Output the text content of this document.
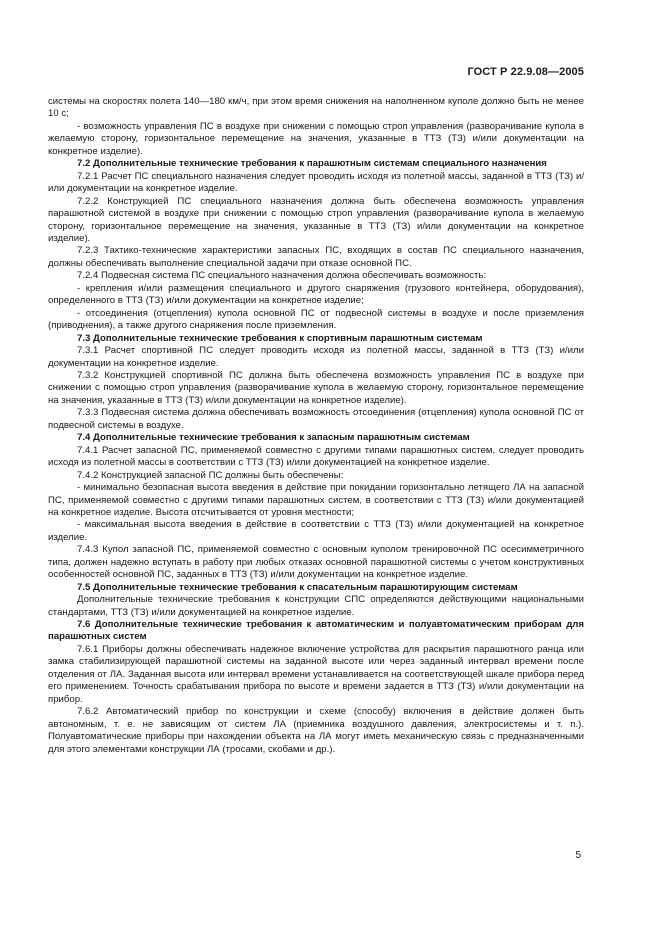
ГОСТ Р 22.9.08—2005

системы на скоростях полета 140—180 км/ч, при этом время снижения на наполненном куполе должно быть не менее 10 с;

- возможность управления ПС в воздухе при снижении с помощью строп управления (разворачивание купола в желаемую сторону, горизонтальное перемещение на значения, указанные в ТТЗ (ТЗ) и/или документации на конкретное изделие).

7.2 Дополнительные технические требования к парашютным системам специального назначения

7.2.1 Расчет ПС специального назначения следует проводить исходя из полетной массы, заданной в ТТЗ (ТЗ) и/или документации на конкретное изделие.

7.2.2 Конструкцией ПС специального назначения должна быть обеспечена возможность управления парашютной системой в воздухе при снижении с помощью строп управления (разворачивание купола в желаемую сторону, горизонтальное перемещение на значения, указанные в ТТЗ (ТЗ) и/или документации на конкретное изделие).

7.2.3 Тактико-технические характеристики запасных ПС, входящих в состав ПС специального назначения, должны обеспечивать выполнение специальной задачи при отказе основной ПС.

7.2.4 Подвесная система ПС специального назначения должна обеспечивать возможность:

- крепления и/или размещения специального и другого снаряжения (грузового контейнера, оборудования), определенного в ТТЗ (ТЗ) и/или документации на конкретное изделие;

- отсоединения (отцепления) купола основной ПС от подвесной системы в воздухе и после приземления (приводнения), а также другого снаряжения после приземления.

7.3 Дополнительные технические требования к спортивным парашютным системам

7.3.1 Расчет спортивной ПС следует проводить исходя из полетной массы, заданной в ТТЗ (ТЗ) и/или документации на конкретное изделие.

7.3.2 Конструкцией спортивной ПС должна быть обеспечена возможность управления ПС в воздухе при снижении с помощью строп управления (разворачивание купола в желаемую сторону, горизонтальное перемещение на значения, указанные в ТТЗ (ТЗ) и/или документации на конкретное изделие).

7.3.3 Подвесная система должна обеспечивать возможность отсоединения (отцепления) купола основной ПС от подвесной системы в воздухе.

7.4 Дополнительные технические требования к запасным парашютным системам

7.4.1 Расчет запасной ПС, применяемой совместно с другими типами парашютных систем, следует проводить исходя из полетной массы в соответствии с ТТЗ (ТЗ) и/или документацией на конкретное изделие.

7.4.2 Конструкцией запасной ПС должны быть обеспечены:

- минимально безопасная высота введения в действие при покидании горизонтально летящего ЛА на запасной ПС, применяемой совместно с другими типами парашютных систем, в соответствии с ТТЗ (ТЗ) и/или документацией на конкретное изделие. Высота отсчитывается от уровня местности;

- максимальная высота введения в действие в соответствии с ТТЗ (ТЗ) и/или документацией на конкретное изделие.

7.4.3 Купол запасной ПС, применяемой совместно с основным куполом тренировочной ПС осесимметричного типа, должен надежно вступать в работу при любых отказах основной парашютной системы с учетом конструктивных особенностей основной ПС, заданных в ТТЗ (ТЗ) и/или документации на конкретное изделие.

7.5 Дополнительные технические требования к спасательным парашютирующим системам

Дополнительные технические требования к конструкции СПС определяются действующими национальными стандартами, ТТЗ (ТЗ) и/или документацией на конкретное изделие.

7.6 Дополнительные технические требования к автоматическим и полуавтоматическим приборам для парашютных систем

7.6.1 Приборы должны обеспечивать надежное включение устройства для раскрытия парашютного ранца или замка стабилизирующей парашютной системы на заданной высоте или через заданный интервал времени после отделения от ЛА. Заданная высота или интервал времени устанавливается на соответствующей шкале прибора перед его применением. Точность срабатывания прибора по высоте и времени задается в ТТЗ (ТЗ) и/или документации на прибор.

7.6.2 Автоматический прибор по конструкции и схеме (способу) включения в действие должен быть автономным, т. е. не зависящим от систем ЛА (приемника воздушного давления, электросистемы и т. п.). Полуавтоматические приборы при нахождении объекта на ЛА могут иметь механическую связь с предназначенными для этого элементами конструкции ЛА (тросами, скобами и др.).

5
